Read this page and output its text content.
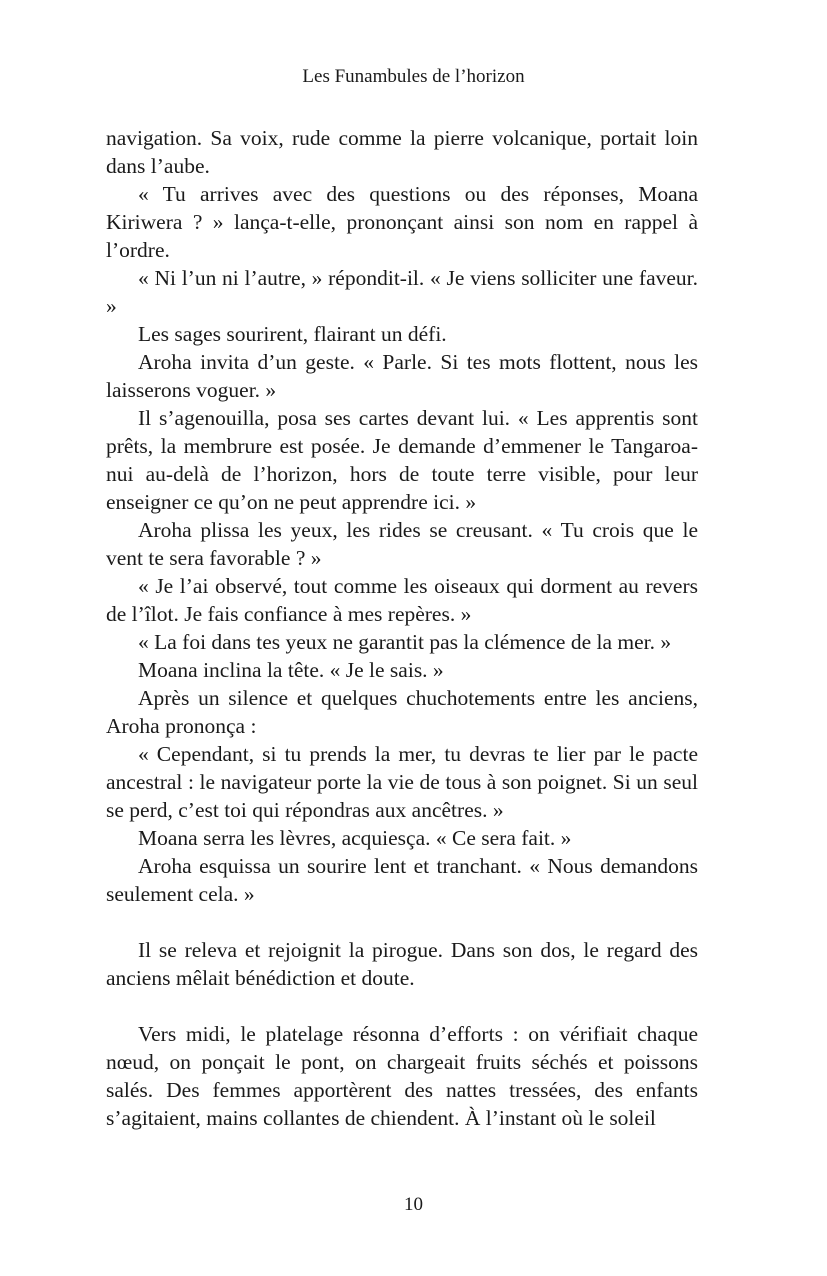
Les Funambules de l’horizon

navigation. Sa voix, rude comme la pierre volcanique, portait loin dans l’aube.

« Tu arrives avec des questions ou des réponses, Moana Kiriwera ? » lança-t-elle, prononçant ainsi son nom en rappel à l’ordre.

« Ni l’un ni l’autre, » répondit-il. « Je viens solliciter une faveur. »

Les sages sourirent, flairant un défi.

Aroha invita d’un geste. « Parle. Si tes mots flottent, nous les laisserons voguer. »

Il s’agenouilla, posa ses cartes devant lui. « Les apprentis sont prêts, la membrure est posée. Je demande d’emmener le Tangaroa-nui au-delà de l’horizon, hors de toute terre visible, pour leur enseigner ce qu’on ne peut apprendre ici. »

Aroha plissa les yeux, les rides se creusant. « Tu crois que le vent te sera favorable ? »

« Je l’ai observé, tout comme les oiseaux qui dorment au revers de l’îlot. Je fais confiance à mes repères. »

« La foi dans tes yeux ne garantit pas la clémence de la mer. »

Moana inclina la tête. « Je le sais. »

Après un silence et quelques chuchotements entre les anciens, Aroha prononça :

« Cependant, si tu prends la mer, tu devras te lier par le pacte ancestral : le navigateur porte la vie de tous à son poignet. Si un seul se perd, c’est toi qui répondras aux ancêtres. »

Moana serra les lèvres, acquiesça. « Ce sera fait. »

Aroha esquissa un sourire lent et tranchant. « Nous demandons seulement cela. »

Il se releva et rejoignit la pirogue. Dans son dos, le regard des anciens mêlait bénédiction et doute.

Vers midi, le platelage résonna d’efforts : on vérifiait chaque nœud, on ponçait le pont, on chargeait fruits séchés et poissons salés. Des femmes apportèrent des nattes tressées, des enfants s’agitaient, mains collantes de chiendent. À l’instant où le soleil

10
